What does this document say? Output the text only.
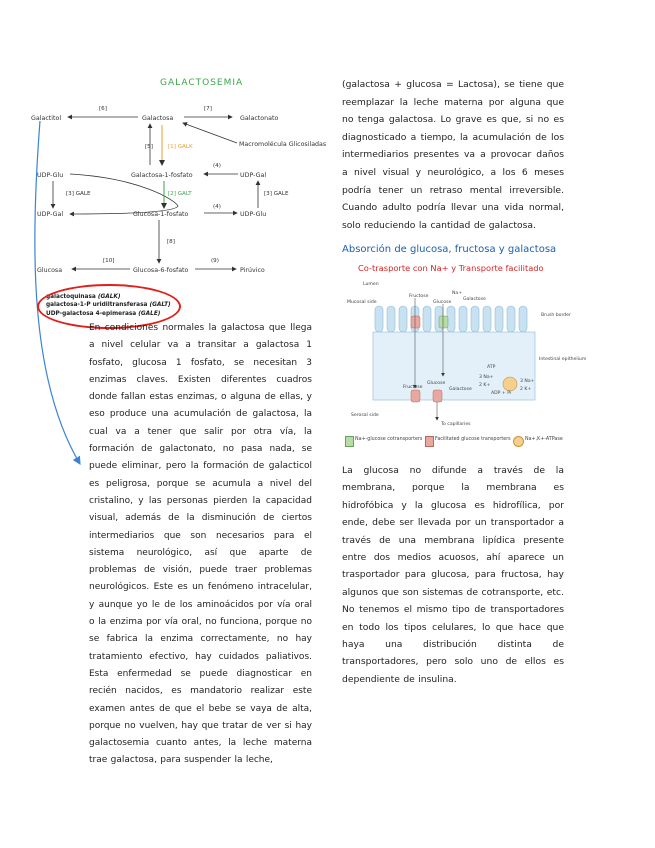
GALACTOSEMIA
Galactitol	Galactosa	Galactonato
Macromolécula Glicosiladas
UDP-Glu	Galactosa-1-fosfato	UDP-Gal
UDP-Gal	Glucosa-1-fosfato	UDP-Glu
Glucosa	Glucosa-6-fosfato	Pirúvico
[6]	[7]
[5]	[1] GALK
(4)
[3] GALE	[2] GALT	[3] GALE
(4)
[8]
[10]	(9)
galactoquinasa (GALK)
galactosa-1-P uridiltransferasa (GALT)
UDP-galactosa 4-epimerasa (GALE)
En condiciones normales la galactosa que llega a nivel celular va a transitar a galactosa 1 fosfato, glucosa 1 fosfato, se necesitan 3 enzimas claves. Existen diferentes cuadros donde fallan estas enzimas, o alguna de ellas, y eso produce una acumulación de galactosa, la cual va a tener que salir por otra vía, la formación de galactonato, no pasa nada, se puede eliminar, pero la formación de galacticol es peligrosa, porque se acumula a nivel del cristalino, y las personas pierden la capacidad visual, además de la disminución de ciertos intermediarios que son necesarios para el sistema neurológico, así que aparte de problemas de visión, puede traer problemas neurológicos. Este es un fenómeno intracelular, y aunque yo le de los aminoácidos por vía oral o la enzima por vía oral, no funciona, porque no se fabrica la enzima correctamente, no hay tratamiento efectivo, hay cuidados paliativos. Esta enfermedad se puede diagnosticar en recién nacidos, es mandatorio realizar este examen antes de que el bebe se vaya de alta, porque no vuelven, hay que tratar de ver si hay galactosemia cuanto antes, la leche materna trae galactosa, para suspender la leche,
(galactosa + glucosa = Lactosa), se tiene que reemplazar la leche materna por alguna que no tenga galactosa. Lo grave es que, si no es diagnosticado a tiempo, la acumulación de los intermediarios presentes va a provocar daños a nivel visual y neurológico, a los 6 meses podría tener un retraso mental irreversible. Cuando adulto podría llevar una vida normal, solo reduciendo la cantidad de galactosa.
Absorción de glucosa, fructosa y galactosa
Co-trasporte con Na+ y Transporte facilitado
Lumen
Mucosal side
Fructose
Glucose
Na+
Galactose
Brush border
Intestinal epithelium
ATP
3 Na+
2 K+
ADP + Pi
3 Na+
2 K+
Fructose
Glucose
Galactose
Serosal side
To capillaries
Na+-glucose cotransporters	Facilitated glucose transporters	Na+,K+-ATPase
La glucosa no difunde a través de la membrana, porque la membrana es hidrofóbica y la glucosa es hidrofílica, por ende, debe ser llevada por un transportador a través de una membrana lipídica presente entre dos medios acuosos, ahí aparece un trasportador para glucosa, para fructosa, hay algunos que son sistemas de cotransporte, etc. No tenemos el mismo tipo de transportadores en todo los tipos celulares, lo que hace que haya una distribución distinta de transportadores, pero solo uno de ellos es dependiente de insulina.
